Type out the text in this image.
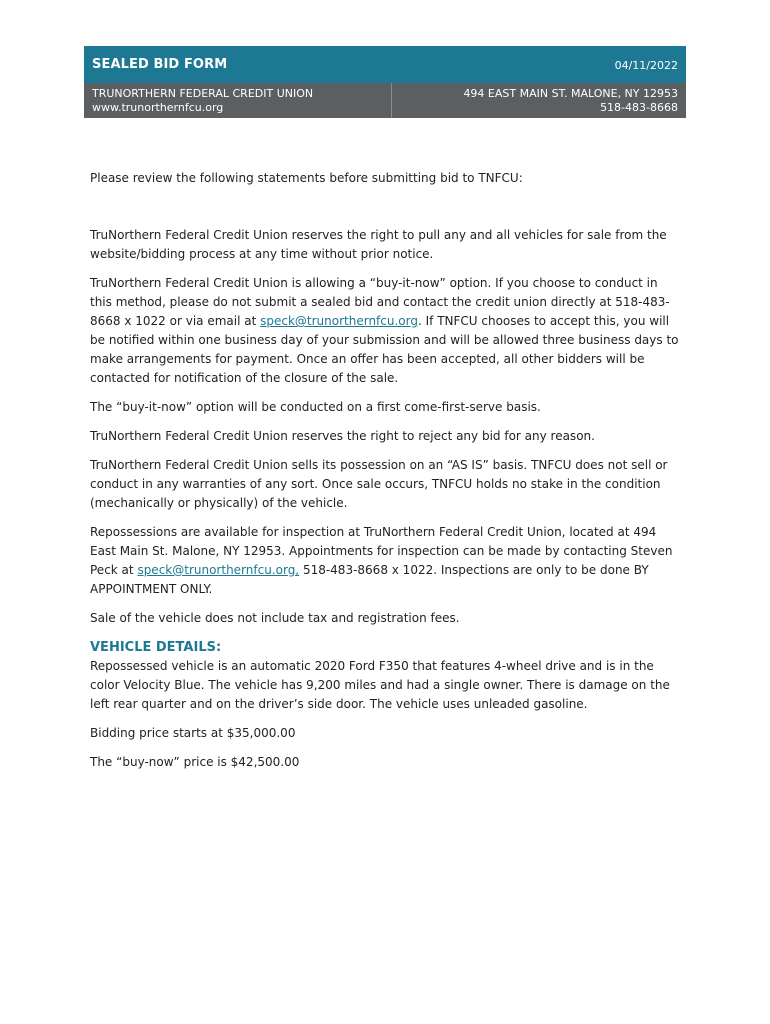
SEALED BID FORM	04/11/2022
TRUNORTHERN FEDERAL CREDIT UNION
www.trunorthernfcu.org
494 EAST MAIN ST. MALONE, NY 12953
518-483-8668

Please review the following statements before submitting bid to TNFCU:

TruNorthern Federal Credit Union reserves the right to pull any and all vehicles for sale from the website/bidding process at any time without prior notice.

TruNorthern Federal Credit Union is allowing a “buy-it-now” option. If you choose to conduct in this method, please do not submit a sealed bid and contact the credit union directly at 518-483-8668 x 1022 or via email at speck@trunorthernfcu.org. If TNFCU chooses to accept this, you will be notified within one business day of your submission and will be allowed three business days to make arrangements for payment. Once an offer has been accepted, all other bidders will be contacted for notification of the closure of the sale.

The “buy-it-now” option will be conducted on a first come-first-serve basis.

TruNorthern Federal Credit Union reserves the right to reject any bid for any reason.

TruNorthern Federal Credit Union sells its possession on an “AS IS” basis. TNFCU does not sell or conduct in any warranties of any sort. Once sale occurs, TNFCU holds no stake in the condition (mechanically or physically) of the vehicle.

Repossessions are available for inspection at TruNorthern Federal Credit Union, located at 494 East Main St. Malone, NY 12953. Appointments for inspection can be made by contacting Steven Peck at speck@trunorthernfcu.org, 518-483-8668 x 1022. Inspections are only to be done BY APPOINTMENT ONLY.

Sale of the vehicle does not include tax and registration fees.

VEHICLE DETAILS:

Repossessed vehicle is an automatic 2020 Ford F350 that features 4-wheel drive and is in the color Velocity Blue. The vehicle has 9,200 miles and had a single owner. There is damage on the left rear quarter and on the driver’s side door. The vehicle uses unleaded gasoline.

Bidding price starts at $35,000.00

The “buy-now” price is $42,500.00
